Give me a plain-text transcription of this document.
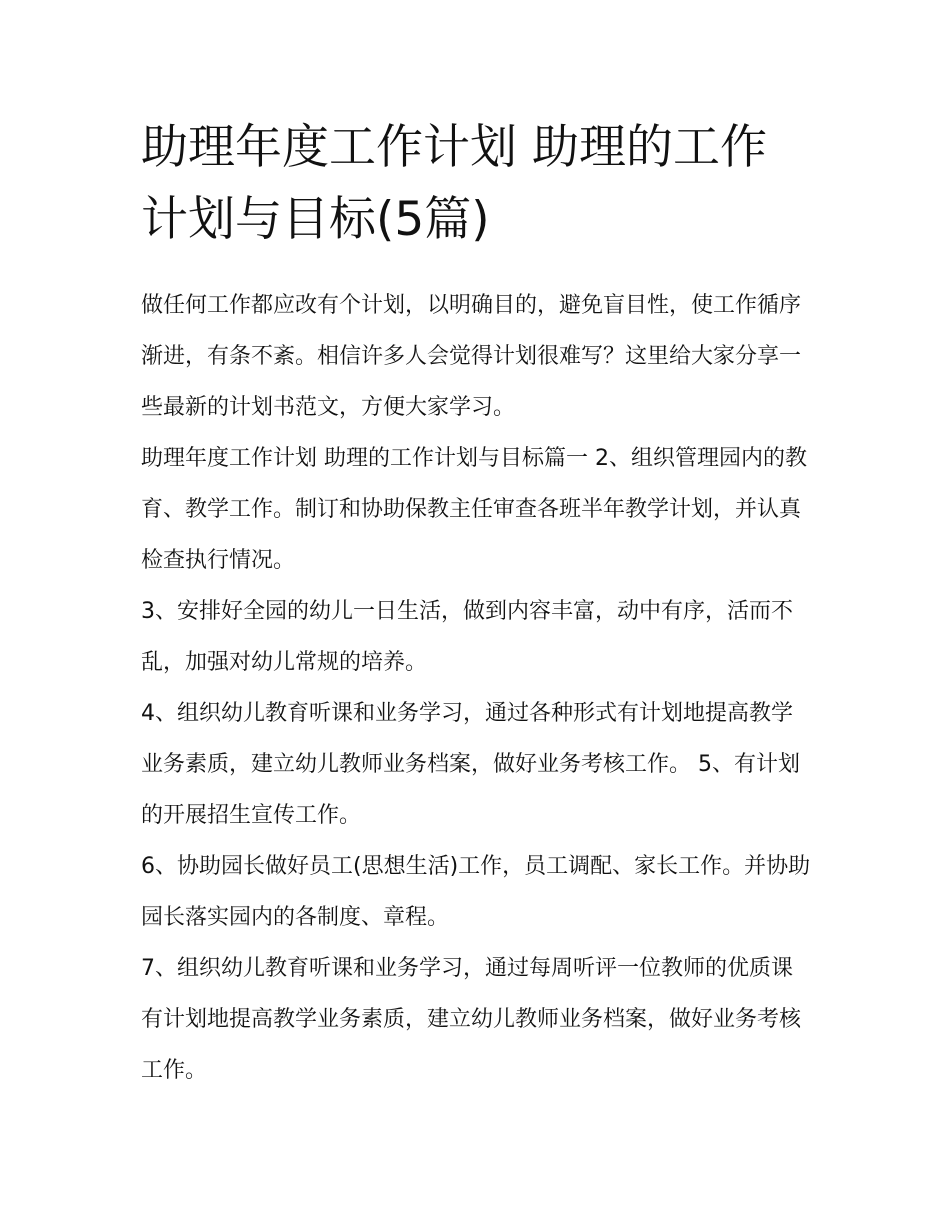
助理年度工作计划 助理的工作计划与目标(5篇)

做任何工作都应改有个计划，以明确目的，避免盲目性，使工作循序渐进，有条不紊。相信许多人会觉得计划很难写？这里给大家分享一些最新的计划书范文，方便大家学习。

助理年度工作计划 助理的工作计划与目标篇一 2、组织管理园内的教育、教学工作。制订和协助保教主任审查各班半年教学计划，并认真检查执行情况。

3、安排好全园的幼儿一日生活，做到内容丰富，动中有序，活而不乱，加强对幼儿常规的培养。

4、组织幼儿教育听课和业务学习，通过各种形式有计划地提高教学业务素质，建立幼儿教师业务档案，做好业务考核工作。 5、有计划的开展招生宣传工作。

6、协助园长做好员工(思想生活)工作，员工调配、家长工作。并协助园长落实园内的各制度、章程。

7、组织幼儿教育听课和业务学习，通过每周听评一位教师的优质课有计划地提高教学业务素质，建立幼儿教师业务档案，做好业务考核工作。
